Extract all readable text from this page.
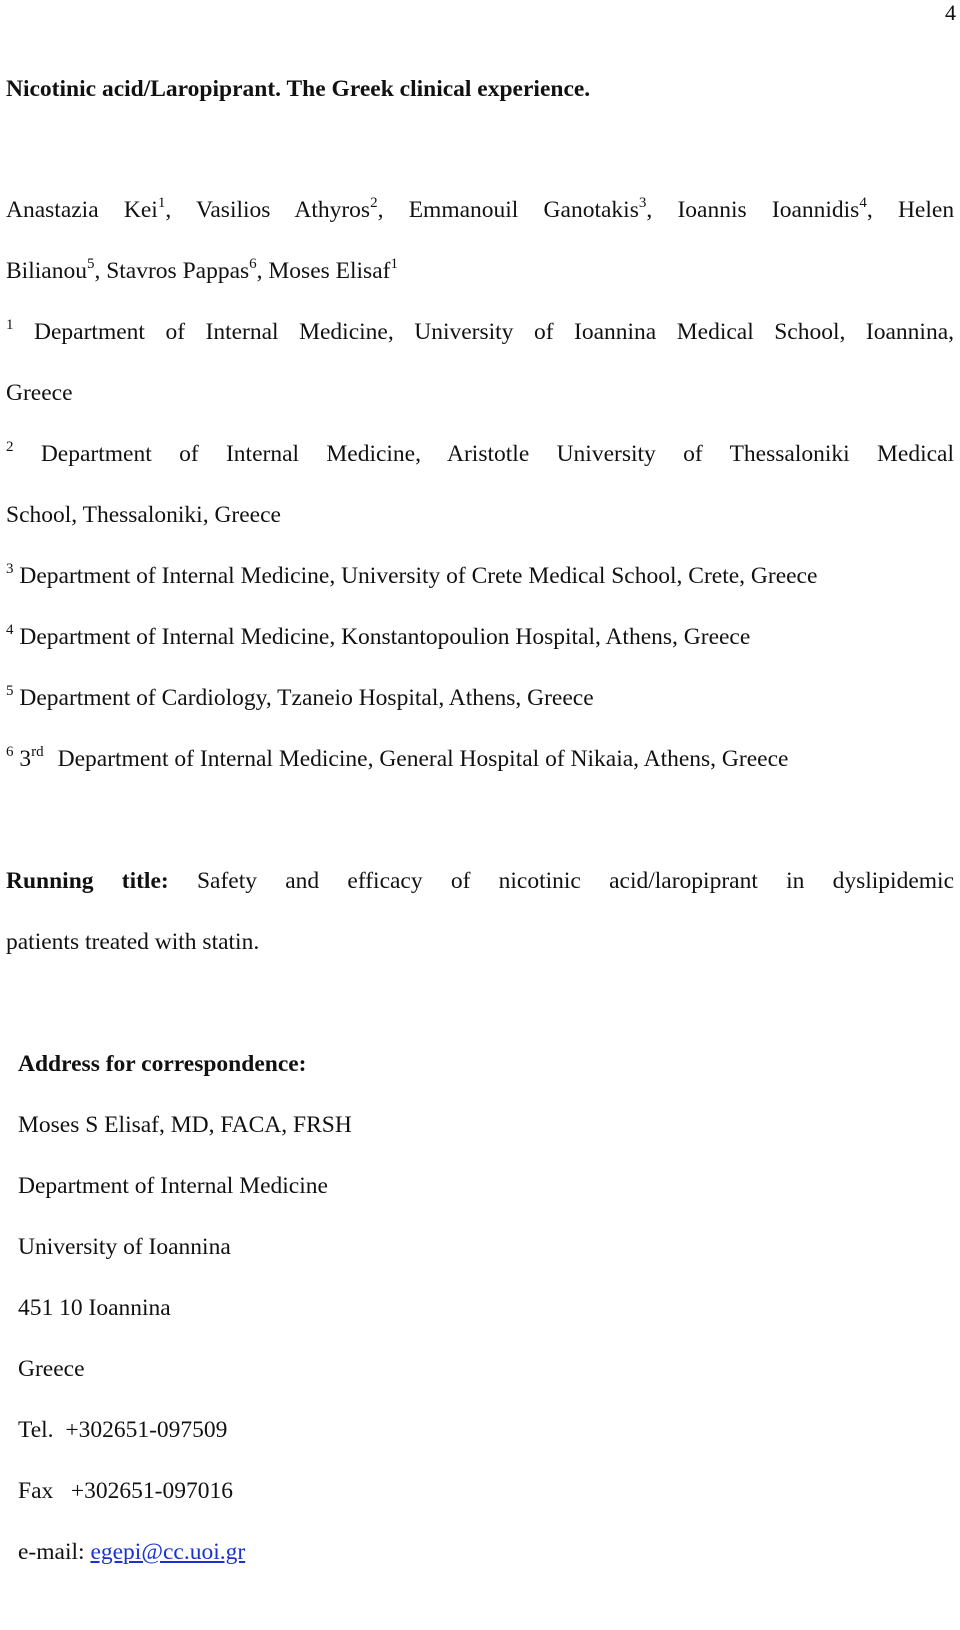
4
Nicotinic acid/Laropiprant. The Greek clinical experience.
Anastazia Kei$^1$, Vasilios Athyros$^2$, Emmanouil Ganotakis$^3$, Ioannis Ioannidis$^4$, Helen
Bilianou$^5$, Stavros Pappas$^6$, Moses Elisaf$^1$
$^1$ Department of Internal Medicine, University of Ioannina Medical School, Ioannina,
Greece
$^2$ Department of Internal Medicine, Aristotle University of Thessaloniki Medical
School, Thessaloniki, Greece
$^3$ Department of Internal Medicine, University of Crete Medical School, Crete, Greece
$^4$ Department of Internal Medicine, Konstantopoulion Hospital, Athens, Greece
$^5$ Department of Cardiology, Tzaneio Hospital, Athens, Greece
$^6$ 3rd Department of Internal Medicine, General Hospital of Nikaia, Athens, Greece
Running title: Safety and efficacy of nicotinic acid/laropiprant in dyslipidemic
patients treated with statin.
Address for correspondence:
Moses S Elisaf, MD, FACA, FRSH
Department of Internal Medicine
University of Ioannina
451 10 Ioannina
Greece
Tel. +302651-097509
Fax +302651-097016
e-mail: egepi@cc.uoi.gr
